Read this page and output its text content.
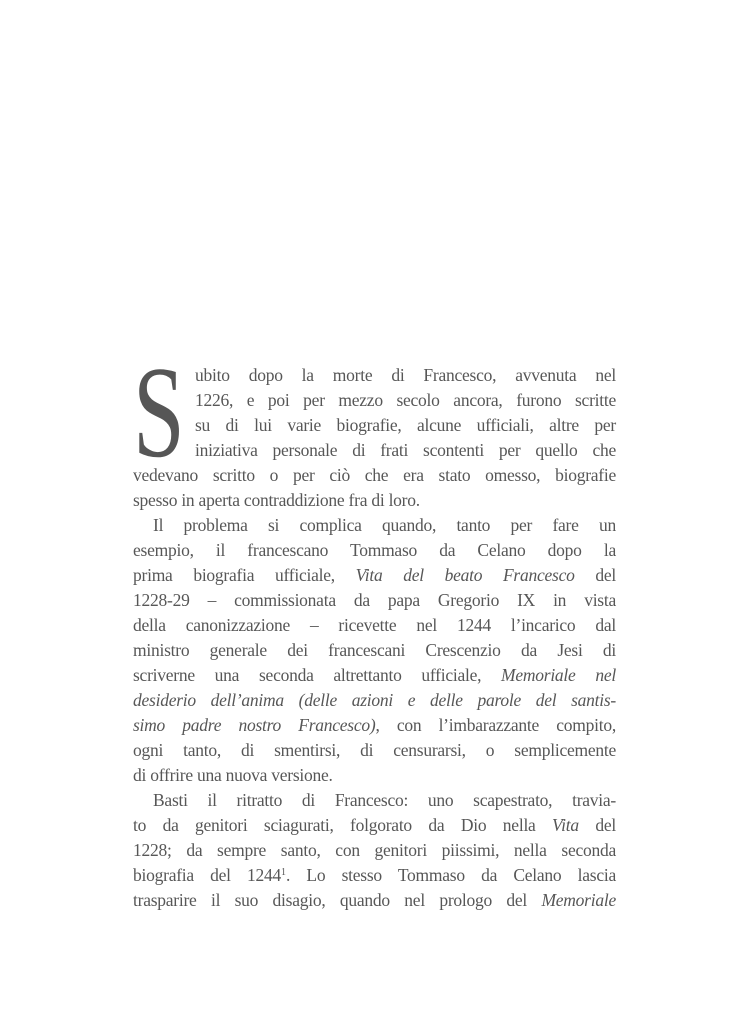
S ubito dopo la morte di Francesco, avvenuta nel
1226, e poi per mezzo secolo ancora, furono scritte
su di lui varie biografie, alcune ufficiali, altre per
iniziativa personale di frati scontenti per quello che
vedevano scritto o per ciò che era stato omesso, biografie
spesso in aperta contraddizione fra di loro.
Il problema si complica quando, tanto per fare un
esempio, il francescano Tommaso da Celano dopo la
prima biografia ufficiale, Vita del beato Francesco del
1228-29 – commissionata da papa Gregorio IX in vista
della canonizzazione – ricevette nel 1244 l’incarico dal
ministro generale dei francescani Crescenzio da Jesi di
scriverne una seconda altrettanto ufficiale, Memoriale nel
desiderio dell’anima (delle azioni e delle parole del santis-
simo padre nostro Francesco), con l’imbarazzante compito,
ogni tanto, di smentirsi, di censurarsi, o semplicemente
di offrire una nuova versione.
Basti il ritratto di Francesco: uno scapestrato, travia-
to da genitori sciagurati, folgorato da Dio nella Vita del
1228; da sempre santo, con genitori piissimi, nella seconda
biografia del 1244$^1$. Lo stesso Tommaso da Celano lascia
trasparire il suo disagio, quando nel prologo del Memoriale
